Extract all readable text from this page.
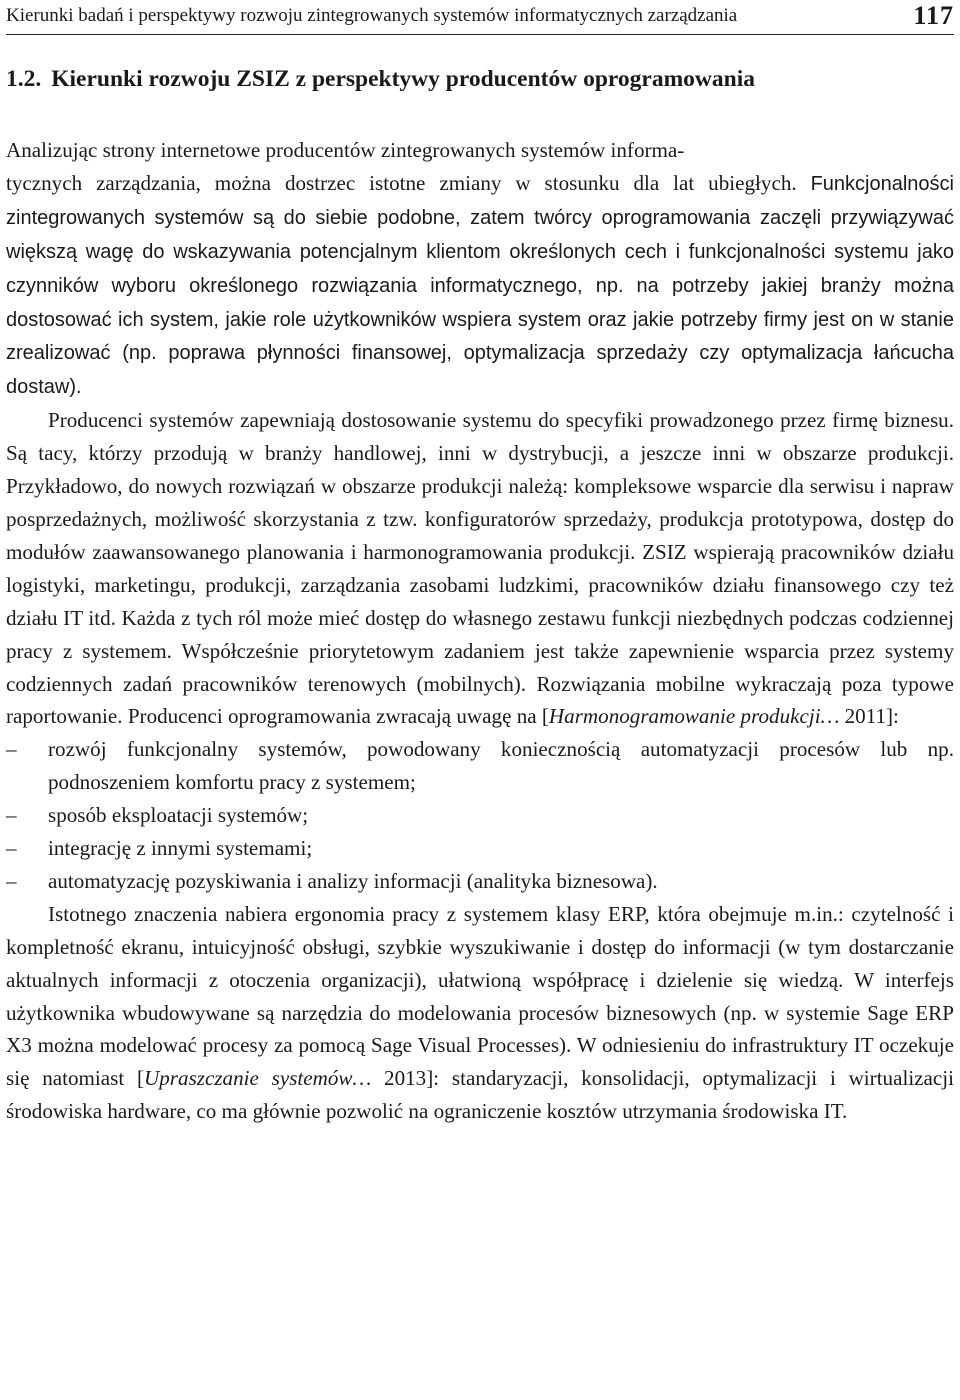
Kierunki badań i perspektywy rozwoju zintegrowanych systemów informatycznych zarządzania	117
1.2. Kierunki rozwoju ZSIZ z perspektywy producentów oprogramowania

Analizując strony internetowe producentów zintegrowanych systemów informa-

tycznych zarządzania, można dostrzec istotne zmiany w stosunku dla lat ubiegłych. Funkcjonalności zintegrowanych systemów są do siebie podobne, zatem twórcy oprogramowania zaczęli przywiązywać większą wagę do wskazywania potencjalnym klientom określonych cech i funkcjonalności systemu jako czynników wyboru określonego rozwiązania informatycznego, np. na potrzeby jakiej branży można dostosować ich system, jakie role użytkowników wspiera system oraz jakie potrzeby firmy jest on w stanie zrealizować (np. poprawa płynności finansowej, optymalizacja sprzedaży czy optymalizacja łańcucha dostaw).

Producenci systemów zapewniają dostosowanie systemu do specyfiki prowadzonego przez firmę biznesu. Są tacy, którzy przodują w branży handlowej, inni w dystrybucji, a jeszcze inni w obszarze produkcji. Przykładowo, do nowych rozwiązań w obszarze produkcji należą: kompleksowe wsparcie dla serwisu i napraw posprzedażnych, możliwość skorzystania z tzw. konfiguratorów sprzedaży, produkcja prototypowa, dostęp do modułów zaawansowanego planowania i harmonogramowania produkcji. ZSIZ wspierają pracowników działu logistyki, marketingu, produkcji, zarządzania zasobami ludzkimi, pracowników działu finansowego czy też działu IT itd. Każda z tych ról może mieć dostęp do własnego zestawu funkcji niezbędnych podczas codziennej pracy z systemem. Współcześnie priorytetowym zadaniem jest także zapewnienie wsparcia przez systemy codziennych zadań pracowników terenowych (mobilnych). Rozwiązania mobilne wykraczają poza typowe raportowanie. Producenci oprogramowania zwracają uwagę na [Harmonogramowanie produkcji… 2011]:

–	rozwój funkcjonalny systemów, powodowany koniecznością automatyzacji procesów lub np. podnoszeniem komfortu pracy z systemem;
–	sposób eksploatacji systemów;
–	integrację z innymi systemami;
–	automatyzację pozyskiwania i analizy informacji (analityka biznesowa).

Istotnego znaczenia nabiera ergonomia pracy z systemem klasy ERP, która obejmuje m.in.: czytelność i kompletność ekranu, intuicyjność obsługi, szybkie wyszukiwanie i dostęp do informacji (w tym dostarczanie aktualnych informacji z otoczenia organizacji), ułatwioną współpracę i dzielenie się wiedzą. W interfejs użytkownika wbudowywane są narzędzia do modelowania procesów biznesowych (np. w systemie Sage ERP X3 można modelować procesy za pomocą Sage Visual Processes). W odniesieniu do infrastruktury IT oczekuje się natomiast [Upraszczanie systemów… 2013]: standaryzacji, konsolidacji, optymalizacji i wirtualizacji środowiska hardware, co ma głównie pozwolić na ograniczenie kosztów utrzymania środowiska IT.
